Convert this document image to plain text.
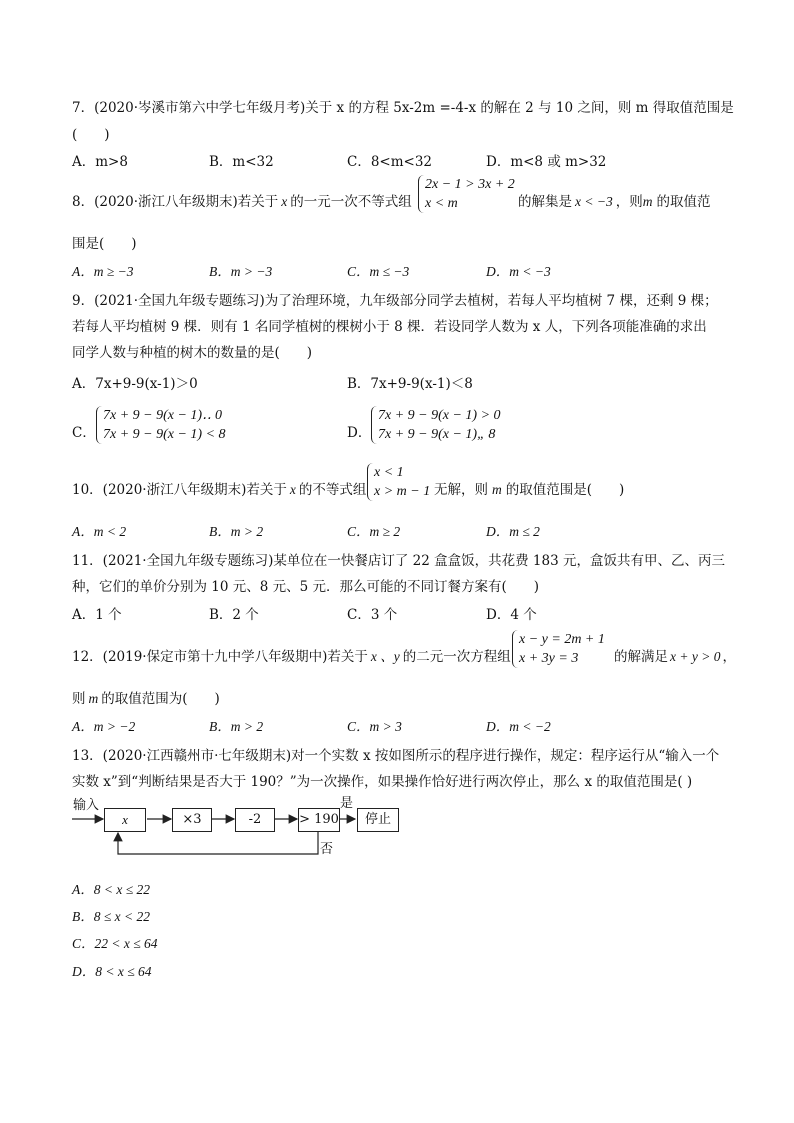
7．(2020·岑溪市第六中学七年级月考)关于 x 的方程 5x-2m =-4-x 的解在 2 与 10 之间，则 m 得取值范围是
(　　)
A．m>8	B．m<32	C．8<m<32	D．m<8 或 m>32
8．(2020·浙江八年级期末)若关于 x 的一元一次不等式组
2x − 1 > 3x + 2
x < m	的解集是 x < −3 ，则m 的取值范
围是(　　)
A．m ≥ −3	B．m > −3	C．m ≤ −3	D．m < −3
9．(2021·全国九年级专题练习)为了治理环境，九年级部分同学去植树，若每人平均植树 7 棵，还剩 9 棵；
若每人平均植树 9 棵．则有 1 名同学植树的棵树小于 8 棵．若设同学人数为 x 人，下列各项能准确的求出
同学人数与种植的树木的数量的是(　　)
A．7x+9-9(x-1)＞0	B．7x+9-9(x-1)＜8
C．
7x + 9 − 9(x − 1)‥ 0
7x + 9 − 9(x − 1) < 8	D．
7x + 9 − 9(x − 1) > 0
7x + 9 − 9(x − 1)„ 8
10．(2020·浙江八年级期末)若关于 x 的不等式组
x < 1
x > m − 1 无解，则 m 的取值范围是(　　)
A．m < 2	B．m > 2	C．m ≥ 2	D．m ≤ 2
11．(2021·全国九年级专题练习)某单位在一快餐店订了 22 盒盒饭，共花费 183 元，盒饭共有甲、乙、丙三
种，它们的单价分别为 10 元、8 元、5 元．那么可能的不同订餐方案有(　　)
A．1 个	B．2 个	C．3 个	D．4 个
12．(2019·保定市第十九中学八年级期中)若关于 x 、y 的二元一次方程组
x − y = 2m + 1
x + 3y = 3	的解满足 x + y > 0 ，
则 m 的取值范围为(　　)
A．m > −2	B．m > 2	C．m > 3	D．m < −2
13．(2020·江西赣州市·七年级期末)对一个实数 x 按如图所示的程序进行操作，规定：程序运行从“输入一个
实数 x”到“判断结果是否大于 190？”为一次操作，如果操作恰好进行两次停止，那么 x 的取值范围是( )
输入
x	×3	-2	> 190
是
停止
否
A．8 < x ≤ 22
B．8 ≤ x < 22
C．22 < x ≤ 64
D．8 < x ≤ 64
